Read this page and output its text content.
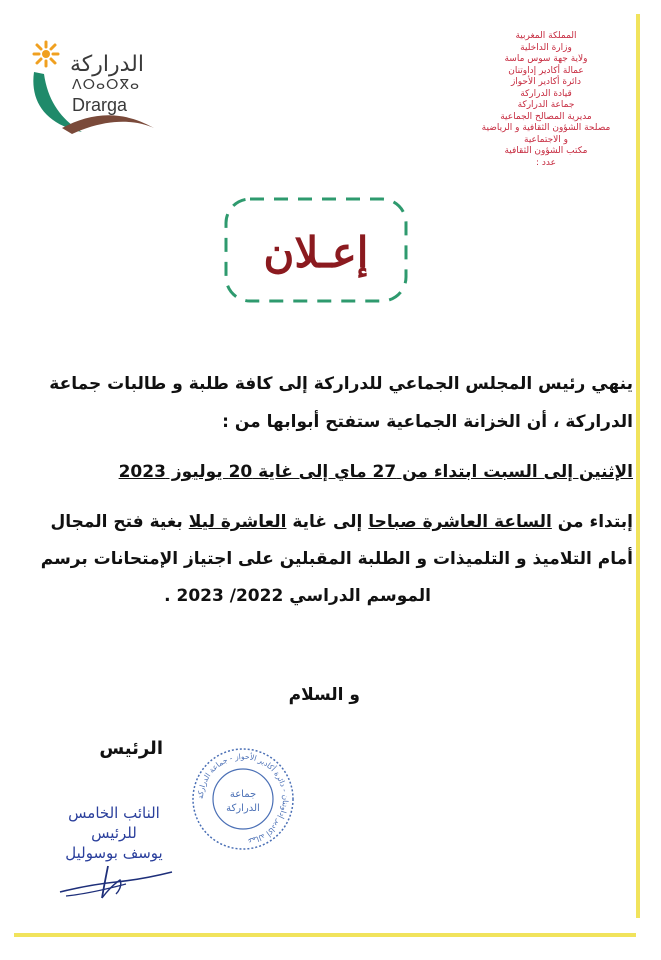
الدراركة
ⴷⵔⴰⵔⴳⴰ
Drarga
المملكة المغربية
وزارة الداخلية
ولاية جهة سوس ماسة
عمالة أكادير إداوتنان
دائرة أكادير الأحواز
قيادة الدراركة
جماعة الدراركة
مديرية المصالح الجماعية
مصلحة الشؤون الثقافية و الرياضية
و الاجتماعية
مكتب الشؤون الثقافية
عدد :
إعـلان
ينهي رئيس المجلس الجماعي للدراركة إلى كافة طلبة و طالبات جماعة
الدراركة ، أن الخزانة الجماعية ستفتح أبوابها من :
الإثنين إلى السبت ابتداء من 27 ماي إلى غاية 20 يوليوز 2023
إبتداء من الساعة العاشرة صباحا إلى غاية العاشرة ليلا بغية فتح المجال
أمام التلاميذ و التلميذات و الطلبة المقبلين على اجتياز الإمتحانات برسم
الموسم الدراسي 2022/ 2023 .
و السلام
الرئيس
عمالة أكادير إداوتنان - دائرة أكادير الأحواز - جماعة الدراركة
جماعة
الدراركة
النائب الخامس للرئيس
يوسف بوسوليل
